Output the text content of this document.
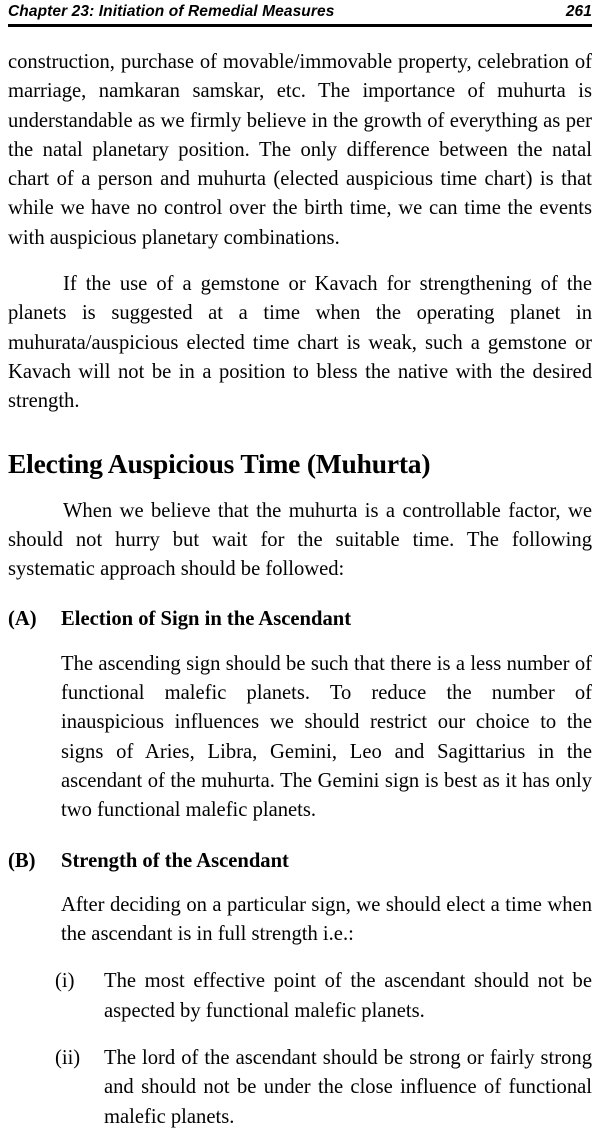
Chapter 23: Initiation of Remedial Measures	261

construction, purchase of movable/immovable property, celebration of marriage, namkaran samskar, etc. The importance of muhurta is understandable as we firmly believe in the growth of everything as per the natal planetary position. The only difference between the natal chart of a person and muhurta (elected auspicious time chart) is that while we have no control over the birth time, we can time the events with auspicious planetary combinations.

If the use of a gemstone or Kavach for strengthening of the planets is suggested at a time when the operating planet in muhurata/auspicious elected time chart is weak, such a gemstone or Kavach will not be in a position to bless the native with the desired strength.

Electing Auspicious Time (Muhurta)

When we believe that the muhurta is a controllable factor, we should not hurry but wait for the suitable time. The following systematic approach should be followed:

(A) Election of Sign in the Ascendant

The ascending sign should be such that there is a less number of functional malefic planets. To reduce the number of inauspicious influences we should restrict our choice to the signs of Aries, Libra, Gemini, Leo and Sagittarius in the ascendant of the muhurta. The Gemini sign is best as it has only two functional malefic planets.

(B) Strength of the Ascendant

After deciding on a particular sign, we should elect a time when the ascendant is in full strength i.e.:

(i) The most effective point of the ascendant should not be aspected by functional malefic planets.

(ii) The lord of the ascendant should be strong or fairly strong and should not be under the close influence of functional malefic planets.
